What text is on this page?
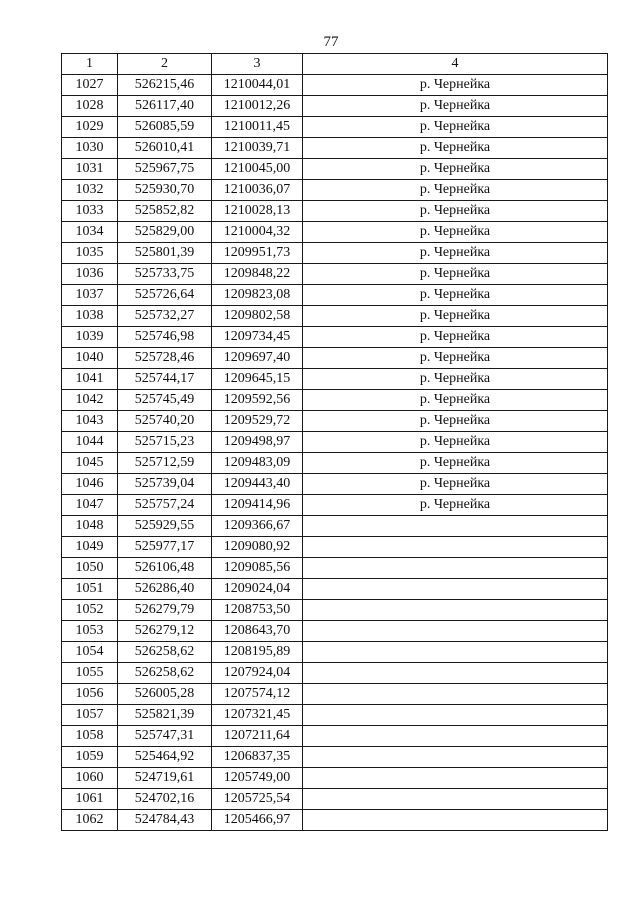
77
1	2	3	4
1027	526215,46	1210044,01	р. Чернейка
1028	526117,40	1210012,26	р. Чернейка
1029	526085,59	1210011,45	р. Чернейка
1030	526010,41	1210039,71	р. Чернейка
1031	525967,75	1210045,00	р. Чернейка
1032	525930,70	1210036,07	р. Чернейка
1033	525852,82	1210028,13	р. Чернейка
1034	525829,00	1210004,32	р. Чернейка
1035	525801,39	1209951,73	р. Чернейка
1036	525733,75	1209848,22	р. Чернейка
1037	525726,64	1209823,08	р. Чернейка
1038	525732,27	1209802,58	р. Чернейка
1039	525746,98	1209734,45	р. Чернейка
1040	525728,46	1209697,40	р. Чернейка
1041	525744,17	1209645,15	р. Чернейка
1042	525745,49	1209592,56	р. Чернейка
1043	525740,20	1209529,72	р. Чернейка
1044	525715,23	1209498,97	р. Чернейка
1045	525712,59	1209483,09	р. Чернейка
1046	525739,04	1209443,40	р. Чернейка
1047	525757,24	1209414,96	р. Чернейка
1048	525929,55	1209366,67	
1049	525977,17	1209080,92	
1050	526106,48	1209085,56	
1051	526286,40	1209024,04	
1052	526279,79	1208753,50	
1053	526279,12	1208643,70	
1054	526258,62	1208195,89	
1055	526258,62	1207924,04	
1056	526005,28	1207574,12	
1057	525821,39	1207321,45	
1058	525747,31	1207211,64	
1059	525464,92	1206837,35	
1060	524719,61	1205749,00	
1061	524702,16	1205725,54	
1062	524784,43	1205466,97	
